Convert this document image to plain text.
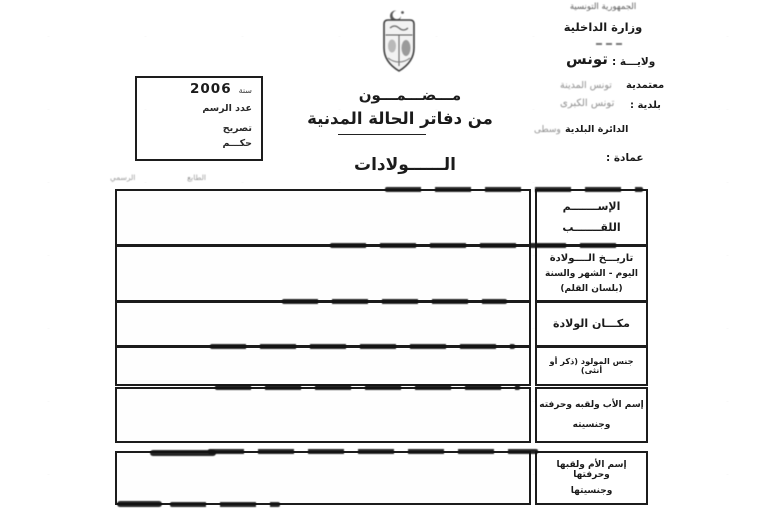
الجمهورية التونسية
وزارة الداخلية
ولايـــة :
تونس
معتمدية
تونس المدينة
بلدية :
تونس الكبرى
الدائرة البلدية
وسطى
عمادة :
مـــضـــمـــون
من دفاتر الحالة المدنية
الــــــولادات
سنة
2006
عدد الرسم
تصريح
حكـــم
الطابع
الرسمي
الإســـــــم
اللقـــــــب
تاريـــخ الــــولادة
اليوم - الشهر والسنة
(بلسان القلم)
مكـــان الولادة
جنس المولود (ذكر أو أنثى)
إسم الأب ولقبه وحرفته
وجنسيته
إسم الأم ولقبها وحرفتها
وجنسيتها
